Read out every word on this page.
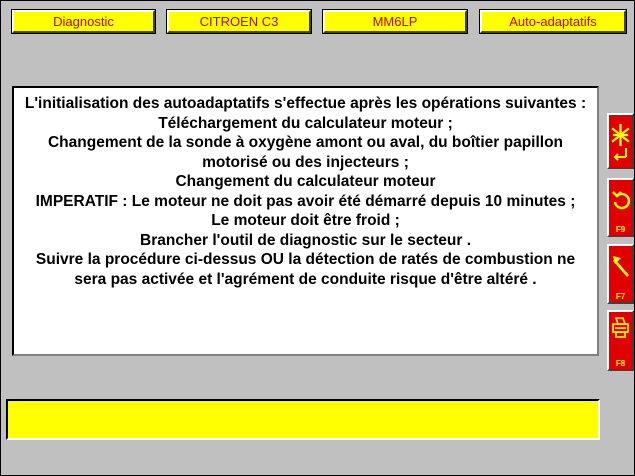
Diagnostic	CITROEN C3	MM6LP	Auto-adaptatifs

L'initialisation des autoadaptatifs s'effectue après les opérations suivantes :

Téléchargement du calculateur moteur ;

Changement de la sonde à oxygène amont ou aval, du boîtier papillon motorisé ou des injecteurs ;

Changement du calculateur moteur

IMPERATIF : Le moteur ne doit pas avoir été démarré depuis 10 minutes ;

Le moteur doit être froid ;

Brancher l'outil de diagnostic sur le secteur .

Suivre la procédure ci-dessus OU la détection de ratés de combustion ne sera pas activée et l'agrément de conduite risque d'être altéré .

F9
F7
F8
